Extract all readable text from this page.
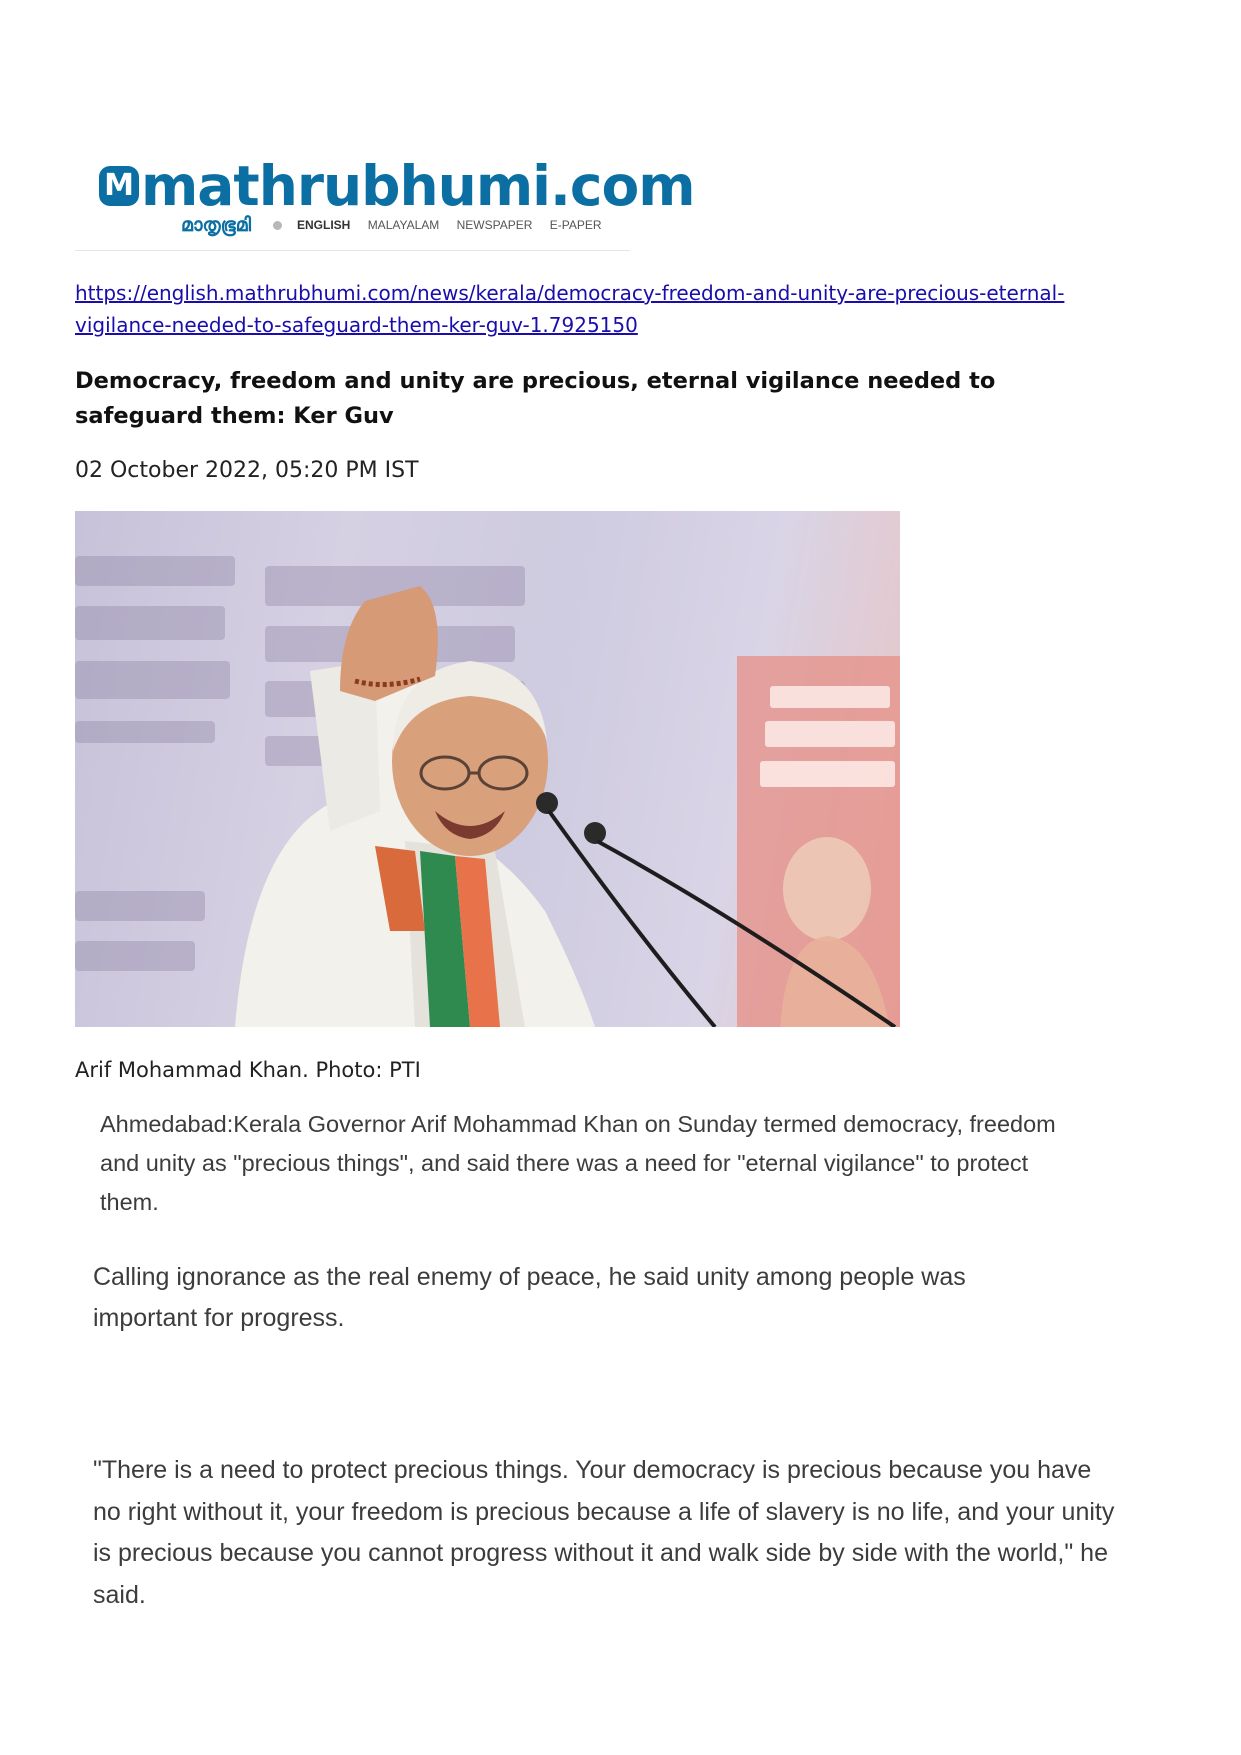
M mathrubhumi.com
മാതൃഭൂമി	ENGLISH MALAYALAM NEWSPAPER E-PAPER
https://english.mathrubhumi.com/news/kerala/democracy-freedom-and-unity-are-precious-eternal-vigilance-needed-to-safeguard-them-ker-guv-1.7925150
Democracy, freedom and unity are precious, eternal vigilance needed to safeguard them: Ker Guv
02 October 2022, 05:20 PM IST
Arif Mohammad Khan. Photo: PTI

Ahmedabad:Kerala Governor Arif Mohammad Khan on Sunday termed democracy, freedom and unity as "precious things", and said there was a need for "eternal vigilance" to protect them.

Calling ignorance as the real enemy of peace, he said unity among people was important for progress.

"There is a need to protect precious things. Your democracy is precious because you have no right without it, your freedom is precious because a life of slavery is no life, and your unity is precious because you cannot progress without it and walk side by side with the world," he said.
